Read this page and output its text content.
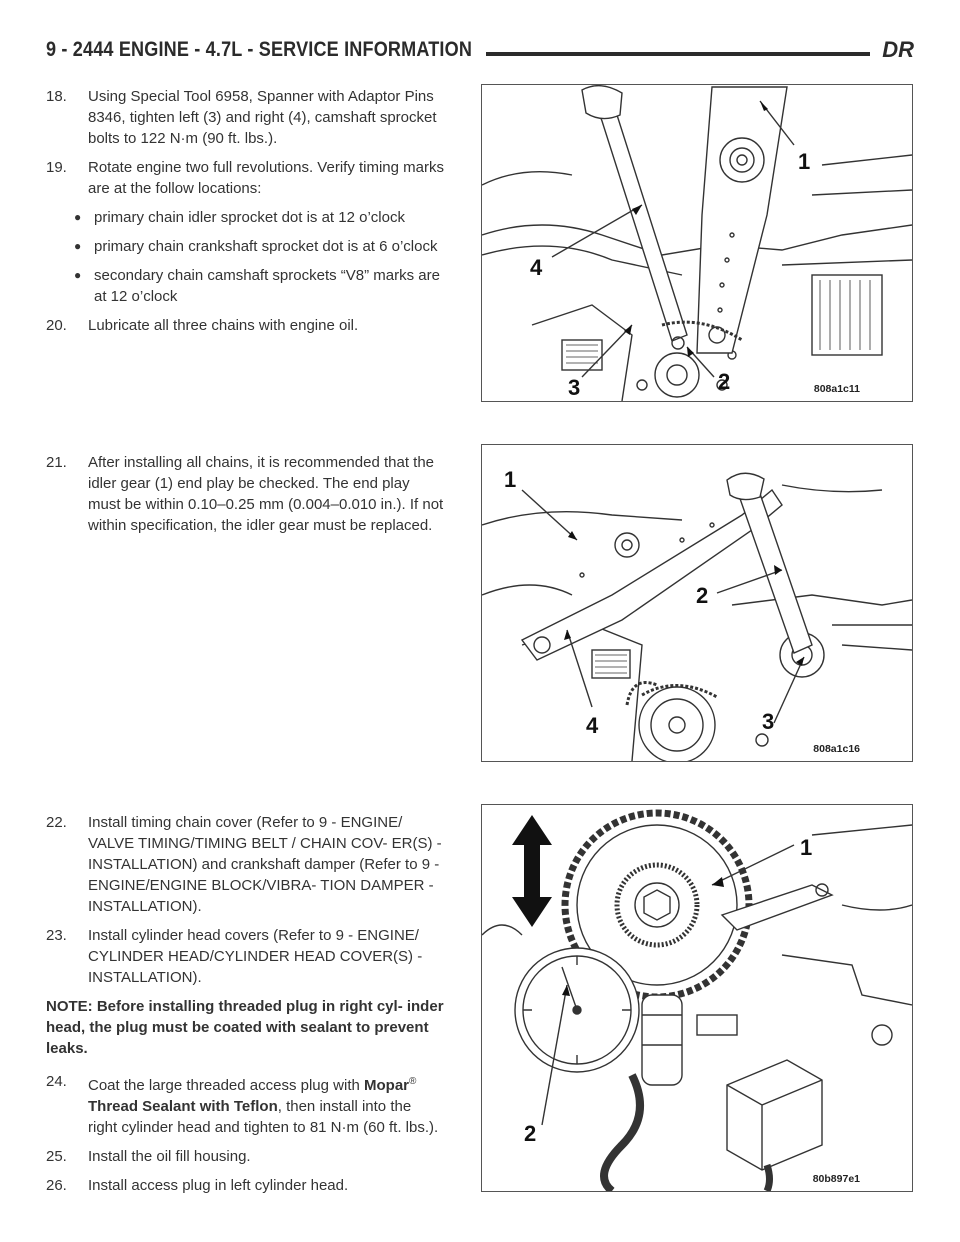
9 - 2444 ENGINE - 4.7L - SERVICE INFORMATION	DR
18. Using Special Tool 6958, Spanner with Adaptor Pins 8346, tighten left (3) and right (4), camshaft sprocket bolts to 122 N·m (90 ft. lbs.).
19. Rotate engine two full revolutions. Verify timing marks are at the follow locations:
● primary chain idler sprocket dot is at 12 o’clock
● primary chain crankshaft sprocket dot is at 6 o’clock
● secondary chain camshaft sprockets “V8” marks are at 12 o’clock
20. Lubricate all three chains with engine oil.
21. After installing all chains, it is recommended that the idler gear (1) end play be checked. The end play must be within 0.10–0.25 mm (0.004–0.010 in.). If not within specification, the idler gear must be replaced.
22. Install timing chain cover (Refer to 9 - ENGINE/ VALVE TIMING/TIMING BELT / CHAIN COV- ER(S) - INSTALLATION) and crankshaft damper (Refer to 9 - ENGINE/ENGINE BLOCK/VIBRA- TION DAMPER - INSTALLATION).
23. Install cylinder head covers (Refer to 9 - ENGINE/ CYLINDER HEAD/CYLINDER HEAD COVER(S) - INSTALLATION).
NOTE: Before installing threaded plug in right cyl- inder head, the plug must be coated with sealant to prevent leaks.
24. Coat the large threaded access plug with Mopar® Thread Sealant with Teflon, then install into the right cylinder head and tighten to 81 N·m (60 ft. lbs.).
25. Install the oil fill housing.
26. Install access plug in left cylinder head.
1
4
2
3	808a1c11
1
2
4	3
808a1c16
1
2
80b897e1
